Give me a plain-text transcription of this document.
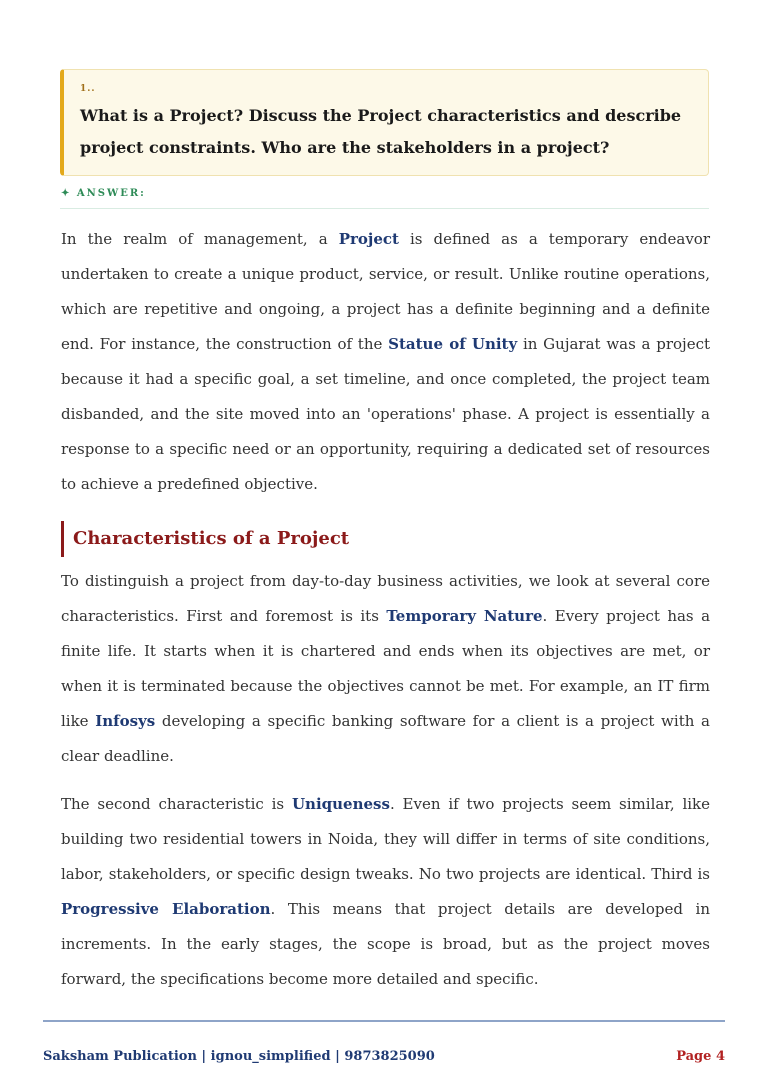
1..
What is a Project? Discuss the Project characteristics and describe project constraints. Who are the stakeholders in a project?
✦ ANSWER:

In the realm of management, a Project is defined as a temporary endeavor undertaken to create a unique product, service, or result. Unlike routine operations, which are repetitive and ongoing, a project has a definite beginning and a definite end. For instance, the construction of the Statue of Unity in Gujarat was a project because it had a specific goal, a set timeline, and once completed, the project team disbanded, and the site moved into an 'operations' phase. A project is essentially a response to a specific need or an opportunity, requiring a dedicated set of resources to achieve a predefined objective.

Characteristics of a Project

To distinguish a project from day-to-day business activities, we look at several core characteristics. First and foremost is its Temporary Nature. Every project has a finite life. It starts when it is chartered and ends when its objectives are met, or when it is terminated because the objectives cannot be met. For example, an IT firm like Infosys developing a specific banking software for a client is a project with a clear deadline.

The second characteristic is Uniqueness. Even if two projects seem similar, like building two residential towers in Noida, they will differ in terms of site conditions, labor, stakeholders, or specific design tweaks. No two projects are identical. Third is Progressive Elaboration. This means that project details are developed in increments. In the early stages, the scope is broad, but as the project moves forward, the specifications become more detailed and specific.

Saksham Publication | ignou_simplified | 9873825090	Page 4
